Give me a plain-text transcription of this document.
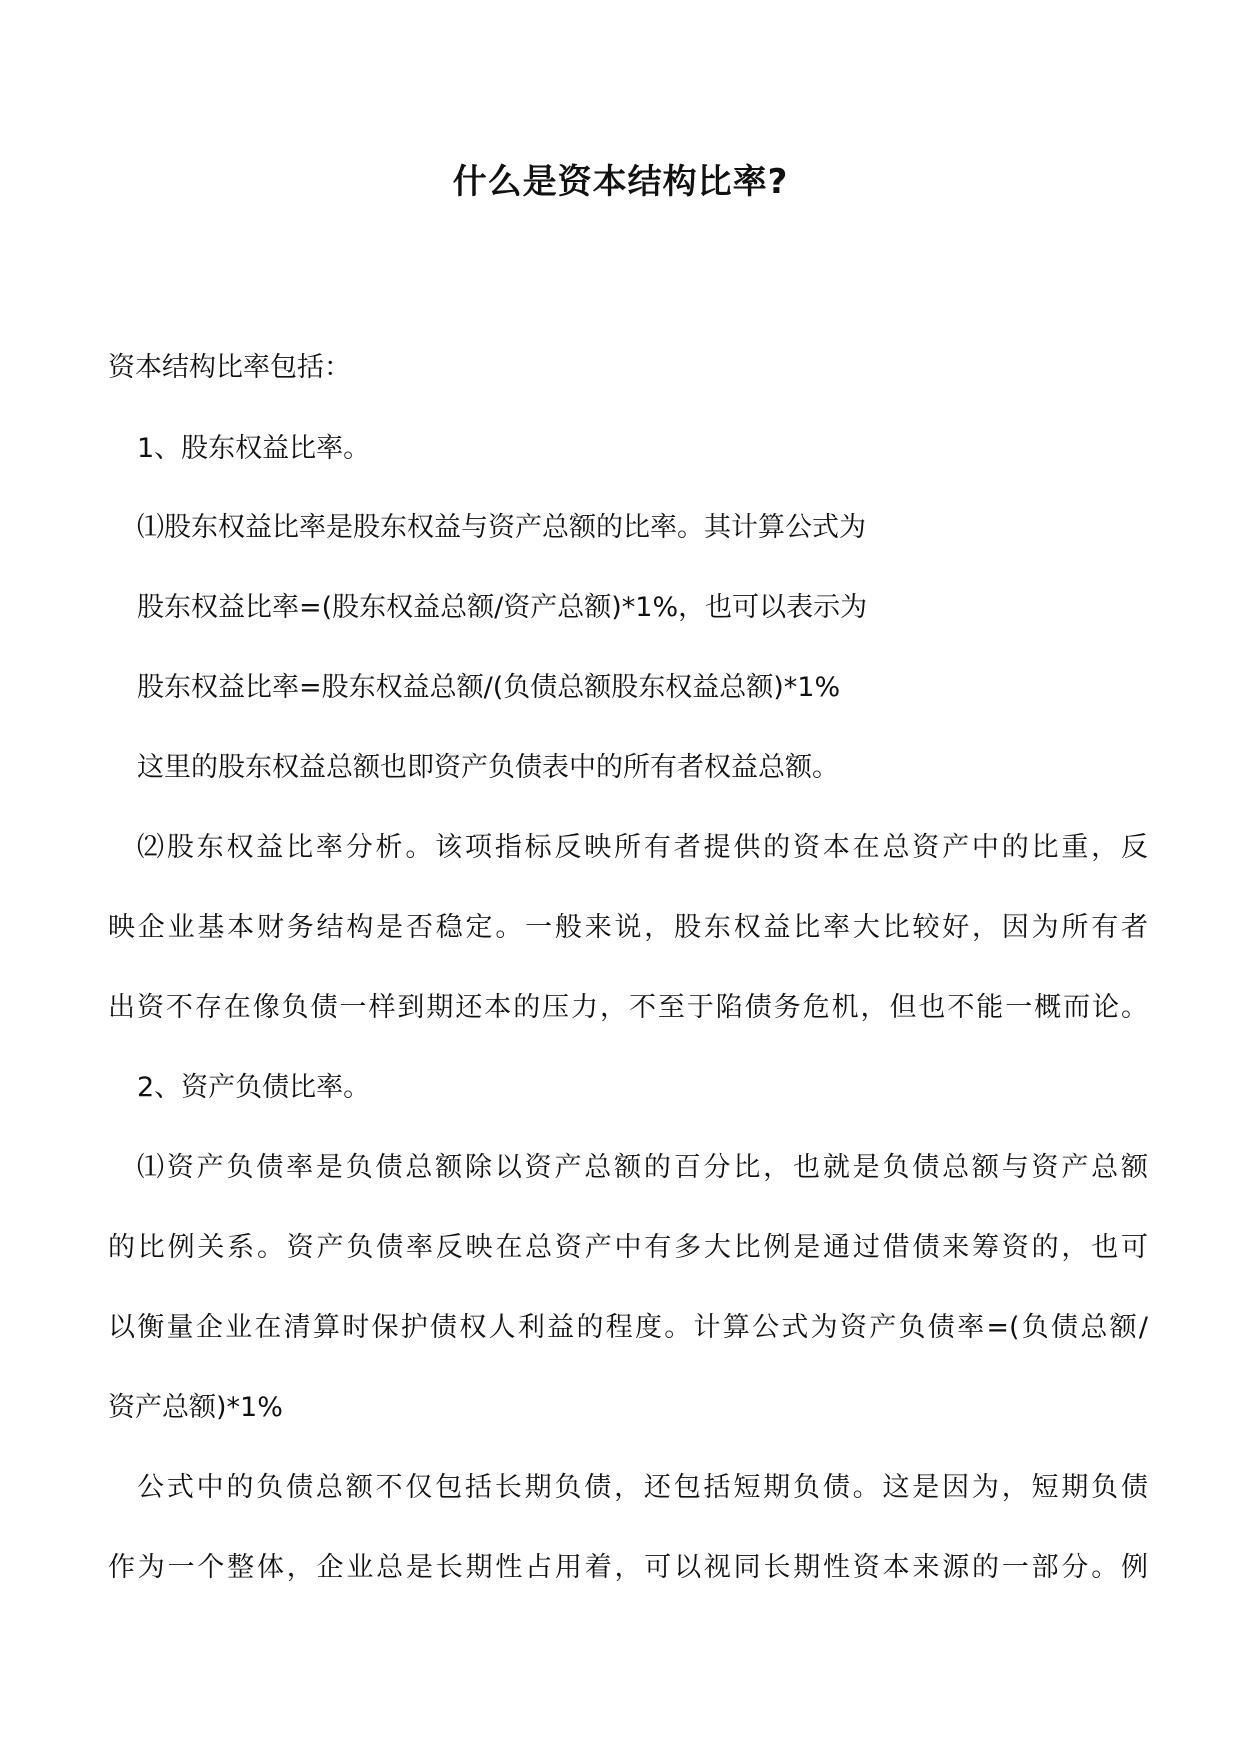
什么是资本结构比率?
资本结构比率包括：
1、股东权益比率。
⑴股东权益比率是股东权益与资产总额的比率。其计算公式为
股东权益比率=(股东权益总额/资产总额)*1%，也可以表示为
股东权益比率=股东权益总额/(负债总额股东权益总额)*1%
这里的股东权益总额也即资产负债表中的所有者权益总额。
⑵股东权益比率分析。该项指标反映所有者提供的资本在总资产中的比重，反
映企业基本财务结构是否稳定。一般来说，股东权益比率大比较好，因为所有者
出资不存在像负债一样到期还本的压力，不至于陷债务危机，但也不能一概而论。
2、资产负债比率。
⑴资产负债率是负债总额除以资产总额的百分比，也就是负债总额与资产总额
的比例关系。资产负债率反映在总资产中有多大比例是通过借债来筹资的，也可
以衡量企业在清算时保护债权人利益的程度。计算公式为资产负债率=(负债总额/
资产总额)*1%
公式中的负债总额不仅包括长期负债，还包括短期负债。这是因为，短期负债
作为一个整体，企业总是长期性占用着，可以视同长期性资本来源的一部分。例
